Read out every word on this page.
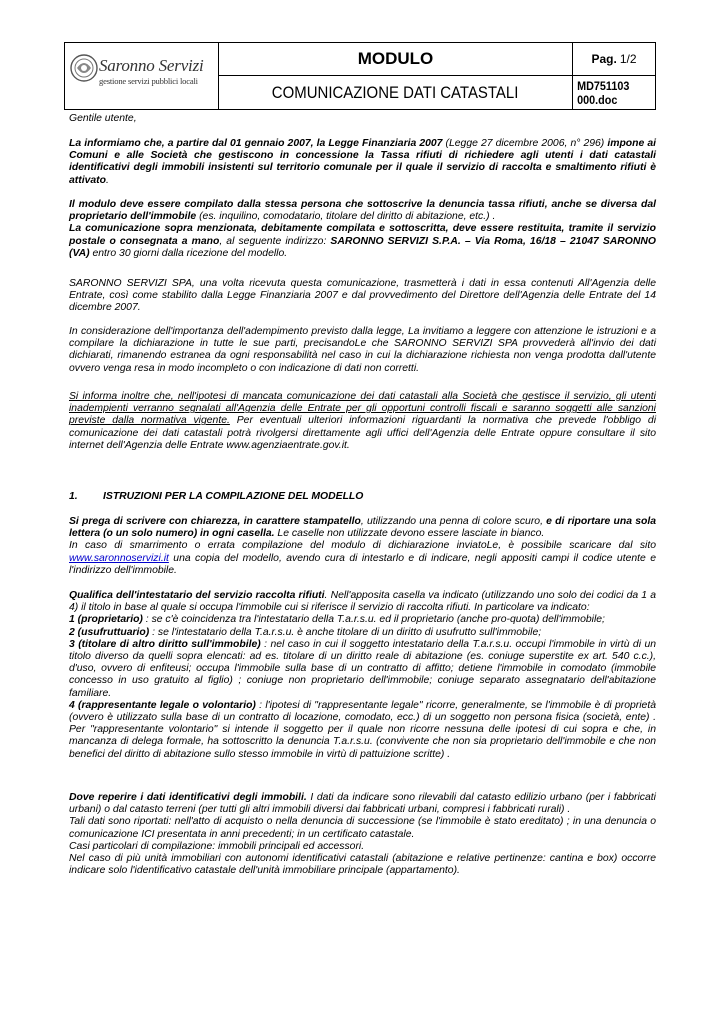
Saronno Servizi
gestione servizi pubblici locali
MODULO
COMUNICAZIONE DATI CATASTALI
Pag. 1/2
MD751103 000.doc

Gentile utente,

La informiamo che, a partire dal 01 gennaio 2007, la Legge Finanziaria 2007 (Legge 27 dicembre 2006, n° 296) impone ai Comuni e alle Società che gestiscono in concessione la Tassa rifiuti di richiedere agli utenti i dati catastali identificativi degli immobili insistenti sul territorio comunale per il quale il servizio di raccolta e smaltimento rifiuti è attivato.

Il modulo deve essere compilato dalla stessa persona che sottoscrive la denuncia tassa rifiuti, anche se diversa dal proprietario dell'immobile (es. inquilino, comodatario, titolare del diritto di abitazione, etc.) .

La comunicazione sopra menzionata, debitamente compilata e sottoscritta, deve essere restituita, tramite il servizio postale o consegnata a mano, al seguente indirizzo: SARONNO SERVIZI S.P.A. – Via Roma, 16/18 – 21047 SARONNO (VA) entro 30 giorni dalla ricezione del modello.

SARONNO SERVIZI SPA, una volta ricevuta questa comunicazione, trasmetterà i dati in essa contenuti All'Agenzia delle Entrate, così come stabilito dalla Legge Finanziaria 2007 e dal provvedimento del Direttore dell'Agenzia delle Entrate del 14 dicembre 2007.

In considerazione dell'importanza dell'adempimento previsto dalla legge, La invitiamo a leggere con attenzione le istruzioni e a compilare la dichiarazione in tutte le sue parti, precisandoLe che SARONNO SERVIZI SPA provvederà all'invio dei dati dichiarati, rimanendo estranea da ogni responsabilità nel caso in cui la dichiarazione richiesta non venga prodotta dall'utente ovvero venga resa in modo incompleto o con indicazione di dati non corretti.

Si informa inoltre che, nell'ipotesi di mancata comunicazione dei dati catastali alla Società che gestisce il servizio, gli utenti inadempienti verranno segnalati all'Agenzia delle Entrate per gli opportuni controlli fiscali e saranno soggetti alle sanzioni previste dalla normativa vigente. Per eventuali ulteriori informazioni riguardanti la normativa che prevede l'obbligo di comunicazione dei dati catastali potrà rivolgersi direttamente agli uffici dell'Agenzia delle Entrate oppure consultare il sito internet dell'Agenzia delle Entrate www.agenziaentrate.gov.it.

1. ISTRUZIONI PER LA COMPILAZIONE DEL MODELLO

Si prega di scrivere con chiarezza, in carattere stampatello, utilizzando una penna di colore scuro, e di riportare una sola lettera (o un solo numero) in ogni casella. Le caselle non utilizzate devono essere lasciate in bianco.

In caso di smarrimento o errata compilazione del modulo di dichiarazione inviatoLe, è possibile scaricare dal sito www.saronnoservizi.it una copia del modello, avendo cura di intestarlo e di indicare, negli appositi campi il codice utente e l'indirizzo dell'immobile.

Qualifica dell'intestatario del servizio raccolta rifiuti. Nell'apposita casella va indicato (utilizzando uno solo dei codici da 1 a 4) il titolo in base al quale si occupa l'immobile cui si riferisce il servizio di raccolta rifiuti. In particolare va indicato:

1 (proprietario) : se c'è coincidenza tra l'intestatario della T.a.r.s.u. ed il proprietario (anche pro-quota) dell'immobile;

2 (usufruttuario) : se l'intestatario della T.a.r.s.u. è anche titolare di un diritto di usufrutto sull'immobile;

3 (titolare di altro diritto sull'immobile) : nel caso in cui il soggetto intestatario della T.a.r.s.u. occupi l'immobile in virtù di un titolo diverso da quelli sopra elencati: ad es. titolare di un diritto reale di abitazione (es. coniuge superstite ex art. 540 c.c.), d'uso, ovvero di enfiteusi; occupa l'immobile sulla base di un contratto di affitto; detiene l'immobile in comodato (immobile concesso in uso gratuito al figlio) ; coniuge non proprietario dell'immobile; coniuge separato assegnatario dell'abitazione familiare.

4 (rappresentante legale o volontario) : l'ipotesi di "rappresentante legale" ricorre, generalmente, se l'immobile è di proprietà (ovvero è utilizzato sulla base di un contratto di locazione, comodato, ecc.) di un soggetto non persona fisica (società, ente) . Per "rappresentante volontario" si intende il soggetto per il quale non ricorre nessuna delle ipotesi di cui sopra e che, in mancanza di delega formale, ha sottoscritto la denuncia T.a.r.s.u. (convivente che non sia proprietario dell'immobile e che non benefici del diritto di abitazione sullo stesso immobile in virtù di pattuizione scritte) .

Dove reperire i dati identificativi degli immobili. I dati da indicare sono rilevabili dal catasto edilizio urbano (per i fabbricati urbani) o dal catasto terreni (per tutti gli altri immobili diversi dai fabbricati urbani, compresi i fabbricati rurali) .

Tali dati sono riportati: nell'atto di acquisto o nella denuncia di successione (se l'immobile è stato ereditato) ; in una denuncia o comunicazione ICI presentata in anni precedenti; in un certificato catastale.

Casi particolari di compilazione: immobili principali ed accessori.

Nel caso di più unità immobiliari con autonomi identificativi catastali (abitazione e relative pertinenze: cantina e box) occorre indicare solo l'identificativo catastale dell'unità immobiliare principale (appartamento).
